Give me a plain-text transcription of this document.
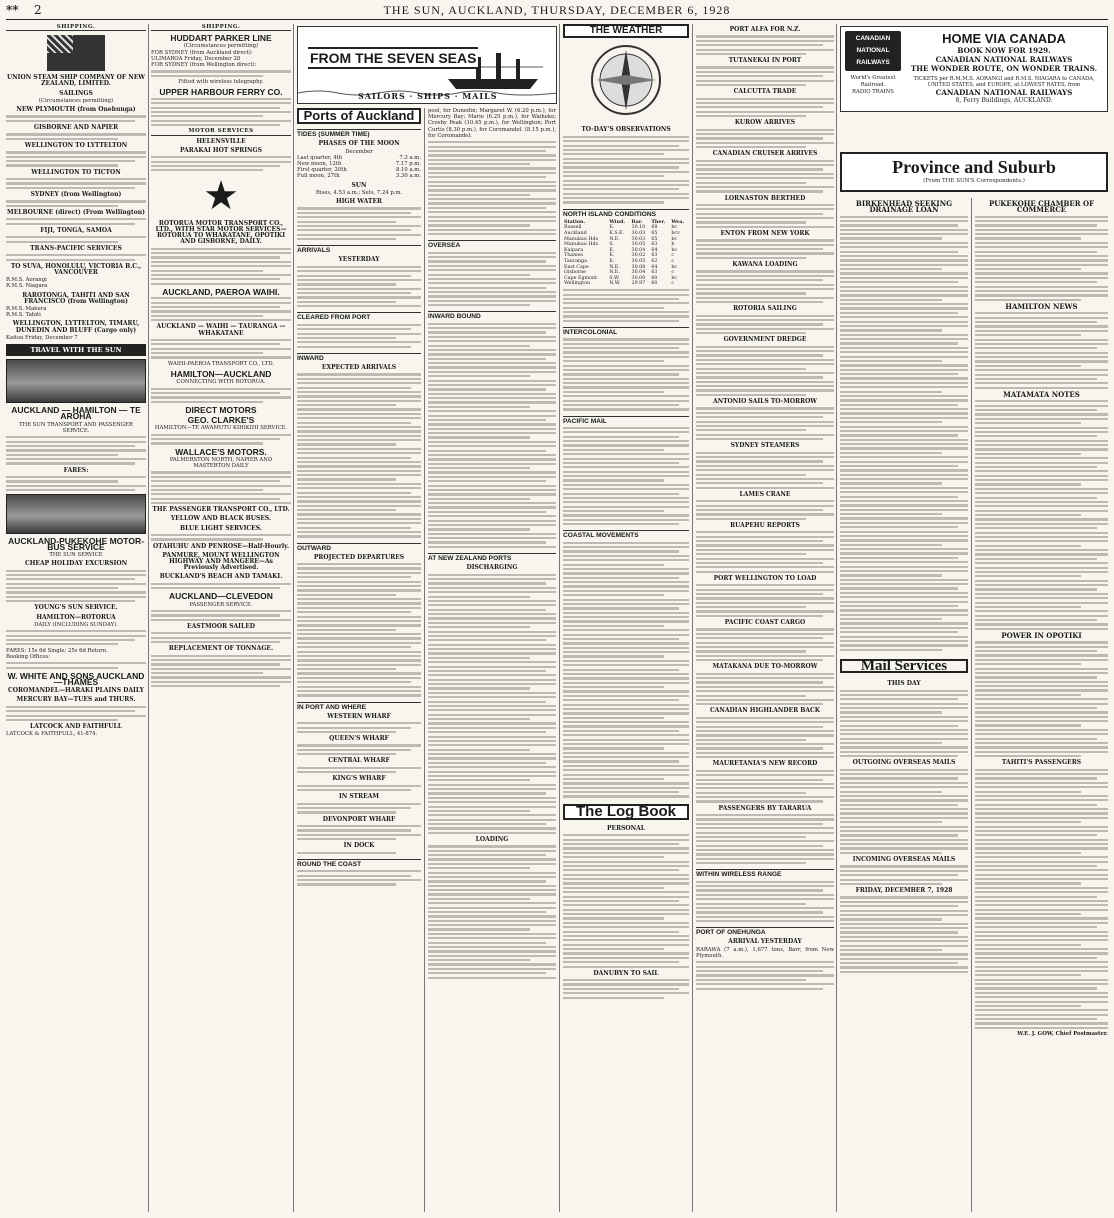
** 2	THE SUN, AUCKLAND, THURSDAY, DECEMBER 6, 1928
SHIPPING.
UNION STEAM SHIP COMPANY OF NEW ZEALAND, LIMITED.
SAILINGS
(Circumstances permitting)
NEW PLYMOUTH (from Onehunga)
GISBORNE AND NAPIER
WELLINGTON TO LYTTELTON
WELLINGTON TO TICTON
SYDNEY (from Wellington)
MELBOURNE (direct) (From Wellington)
FIJI, TONGA, SAMOA
TRANS-PACIFIC SERVICES
TO SUVA, HONOLULU, VICTORIA B.C., VANCOUVER
R.M.S. Aorangi
R.M.S. Niagara
RAROTONGA, TAHITI AND SAN FRANCISCO (from Wellington)
R.M.S. Makura
R.M.S. Tahiti
WELLINGTON, LYTTELTON, TIMARU, DUNEDIN AND BLUFF (Cargo only)
Kaitoa Friday, December 7
TRAVEL WITH THE SUN
AUCKLAND — HAMILTON — TE AROHA
THE SUN TRANSPORT AND PASSENGER SERVICE.
FARES:
AUCKLAND-PUKEKOHE MOTOR-BUS SERVICE
THE SUN SERVICE
CHEAP HOLIDAY EXCURSION
YOUNG'S SUN SERVICE.
HAMILTON—ROTORUA
DAILY (INCLUDING SUNDAY).
FARES: 15s 6d Single; 25s 6d Return.
Booking Offices:
W. WHITE AND SONS AUCKLAND—THAMES
COROMANDEL—HARAKI PLAINS DAILY
MERCURY BAY—TUES and THURS.
LATCOCK AND FAITHFULL
LATCOCK & FAITHFULL, 41-874.
SHIPPING.
HUDDART PARKER LINE
(Circumstances permitting)
FOR SYDNEY (from Auckland direct):
ULIMAROA Friday, December 28
FOR SYDNEY (from Wellington direct):
Fitted with wireless telegraphy.
UPPER HARBOUR FERRY CO.
MOTOR SERVICES
HELENSVILLE
PARAKAI HOT SPRINGS
★
ROTORUA MOTOR TRANSPORT CO., LTD., WITH STAR MOTOR SERVICES—ROTORUA TO WHAKATANE, OPOTIKI AND GISBORNE, DAILY.
AUCKLAND, PAEROA WAIHI.
AUCKLAND — WAIHI — TAURANGA — WHAKATANE
WAIHI-PAEROA TRANSPORT CO., LTD.
HAMILTON—AUCKLAND
CONNECTING WITH ROTORUA.
DIRECT MOTORS
GEO. CLARKE'S
HAMILTON—TE AWAMUTU KIHIKIHI SERVICE.
WALLACE'S MOTORS.
PALMERSTON NORTH, NAPIER AND MASTERTON DAILY
THE PASSENGER TRANSPORT CO., LTD.
YELLOW AND BLACK BUSES.
BLUE LIGHT SERVICES.
OTAHUHU AND PENROSE—Half-Hourly.
PANMURE, MOUNT WELLINGTON HIGHWAY AND MANGERE—As Previously Advertised.
BUCKLAND'S BEACH AND TAMAKI.
AUCKLAND—CLEVEDON
PASSENGER SERVICE.
EASTMOOR SAILED
REPLACEMENT OF TONNAGE.
FROM THE SEVEN SEAS
SAILORS · SHIPS · MAILS
Ports of Auckland
TIDES (SUMMER TIME)
PHASES OF THE MOON
December
Last quarter, 4th	7.3 a.m.
New moon, 12th	7.17 p.m.
First quarter, 20th	8.10 a.m.
Full moon, 27th	3.30 a.m.
SUN
Rises, 4.53 a.m.; Sets, 7.24 p.m.
HIGH WATER
ARRIVALS
YESTERDAY
CLEARED FROM PORT
INWARD
EXPECTED ARRIVALS
OUTWARD
PROJECTED DEPARTURES
IN PORT AND WHERE
WESTERN WHARF
QUEEN'S WHARF
CENTRAL WHARF
KING'S WHARF
IN STREAM
DEVONPORT WHARF
IN DOCK
ROUND THE COAST
pool, for Dunedin; Margaret W. (6.20 p.m.), for Mercury Bay; Marie (6.25 p.m.), for Waiheke; Crosby Peak (10.45 p.m.), for Wellington; Port Curtis (8.30 p.m.), for Coromandel. (8.15 p.m.), for Coromandel.
OVERSEA
INWARD BOUND
AT NEW ZEALAND PORTS
DISCHARGING
LOADING
THE WEATHER
TO-DAY'S OBSERVATIONS
NORTH ISLAND CONDITIONS
Station.	Wind.	Bar.	Ther.	Wea.
Russell	E.	30.10	68	bc
Auckland	E.S.E.	30.03	65	bcv
Manukau Hds	N.E.	30.03	65	bc
Manukau Hds	S.	30.05	63	b
Kaipara	E.	30.04	64	bc
Thames	E.	30.02	63	c
Tauranga	E.	30.05	62	c
East Cape	N.E.	30.08	64	bc
Gisborne	N.E.	30.04	63	c
Cape Egmont	S.W.	30.00	60	bc
Wellington	N.W.	29.97	60	c
INTERCOLONIAL
PACIFIC MAIL
COASTAL MOVEMENTS
The Log Book
PERSONAL
DANUBYN TO SAIL
PORT ALFA FOR N.Z.
TUTANEKAI IN PORT
CALCUTTA TRADE
KUROW ARRIVES
CANADIAN CRUISER ARRIVES
LORNASTON BERTHED
ENTON FROM NEW YORK
KAWANA LOADING
ROTORIA SAILING
GOVERNMENT DREDGE
ANTONIO SAILS TO-MORROW
SYDNEY STEAMERS
LAMES CRANE
RUAPEHU REPORTS
PORT WELLINGTON TO LOAD
PACIFIC COAST CARGO
MATAKANA DUE TO-MORROW
CANADIAN HIGHLANDER BACK
MAURETANIA'S NEW RECORD
PASSENGERS BY TARARUA
WITHIN WIRELESS RANGE
PORT OF ONEHUNGA
ARRIVAL YESTERDAY
RARAWA (7 a.m.), 1,677 tons, Barr, from New Plymouth.
CANADIAN
NATIONAL
RAILWAYS
World's Greatest Railroad.
RADIO TRAINS
HOME VIA CANADA
BOOK NOW FOR 1929.
CANADIAN NATIONAL RAILWAYS
THE WONDER ROUTE, ON WONDER TRAINS.
TICKETS per R.M.M.S. AORANGI and R.M.S. NIAGARA to CANADA, UNITED STATES, and EUROPE, at LOWEST RATES, from
CANADIAN NATIONAL RAILWAYS
8, Ferry Buildings, AUCKLAND.
Province and Suburb
(From THE SUN'S Correspondents.)
BIRKENHEAD SEEKING DRAINAGE LOAN
Mail Services
THIS DAY
OUTGOING OVERSEAS MAILS
INCOMING OVERSEAS MAILS
FRIDAY, DECEMBER 7, 1928
PUKEKOHE CHAMBER OF COMMERCE
HAMILTON NEWS
MATAMATA NOTES
POWER IN OPOTIKI
TAHITI'S PASSENGERS
W.E. J. GOW, Chief Postmaster.
